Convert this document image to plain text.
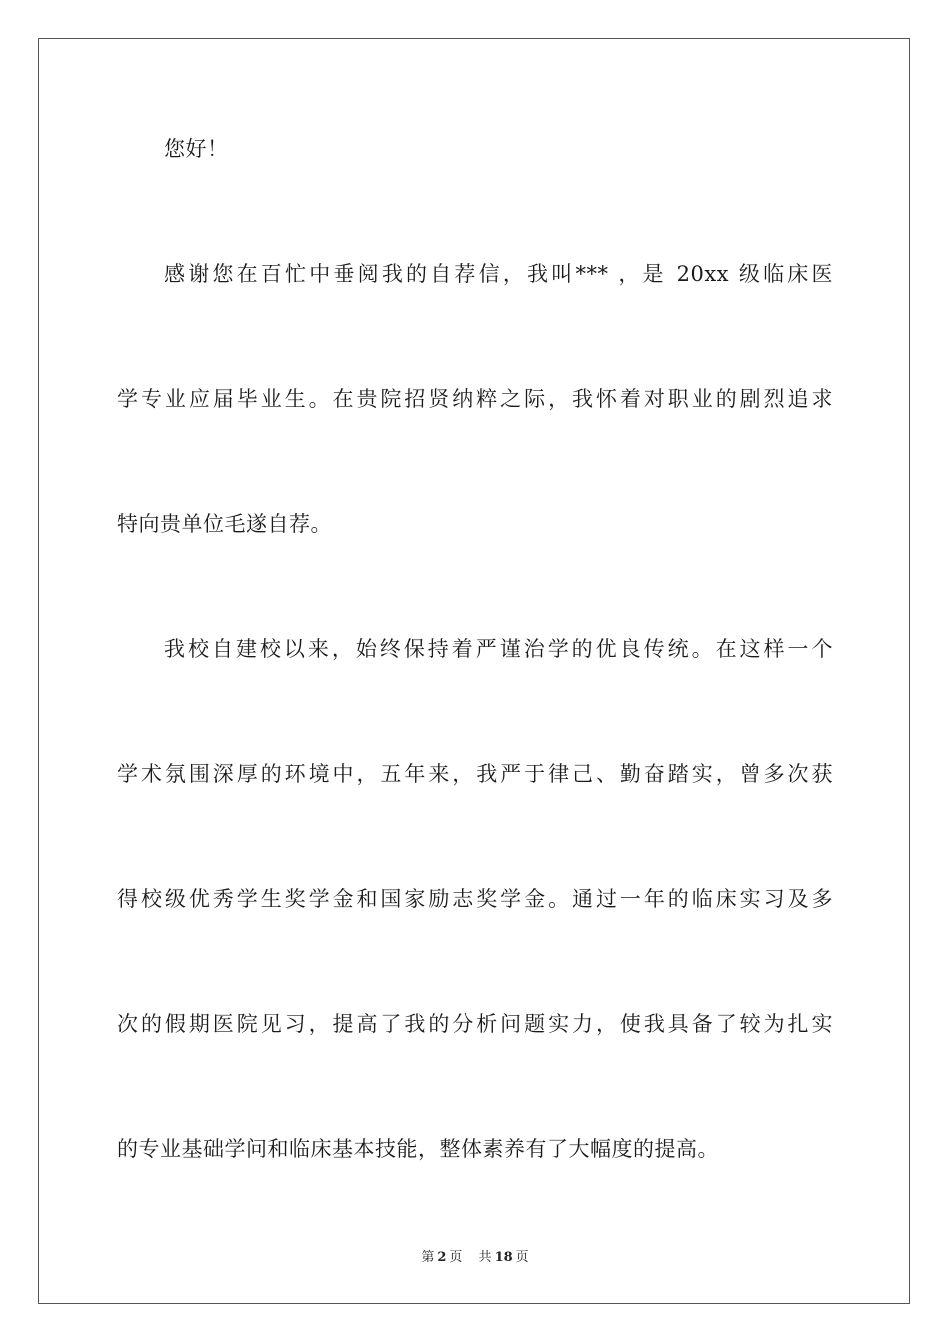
您好！
感谢您在百忙中垂阅我的自荐信，我叫*** ，是 20xx 级临床医
学专业应届毕业生。在贵院招贤纳粹之际，我怀着对职业的剧烈追求
特向贵单位毛遂自荐。
我校自建校以来，始终保持着严谨治学的优良传统。在这样一个
学术氛围深厚的环境中，五年来，我严于律己、勤奋踏实，曾多次获
得校级优秀学生奖学金和国家励志奖学金。通过一年的临床实习及多
次的假期医院见习，提高了我的分析问题实力，使我具备了较为扎实
的专业基础学问和临床基本技能，整体素养有了大幅度的提高。
第 2 页 共 18 页
